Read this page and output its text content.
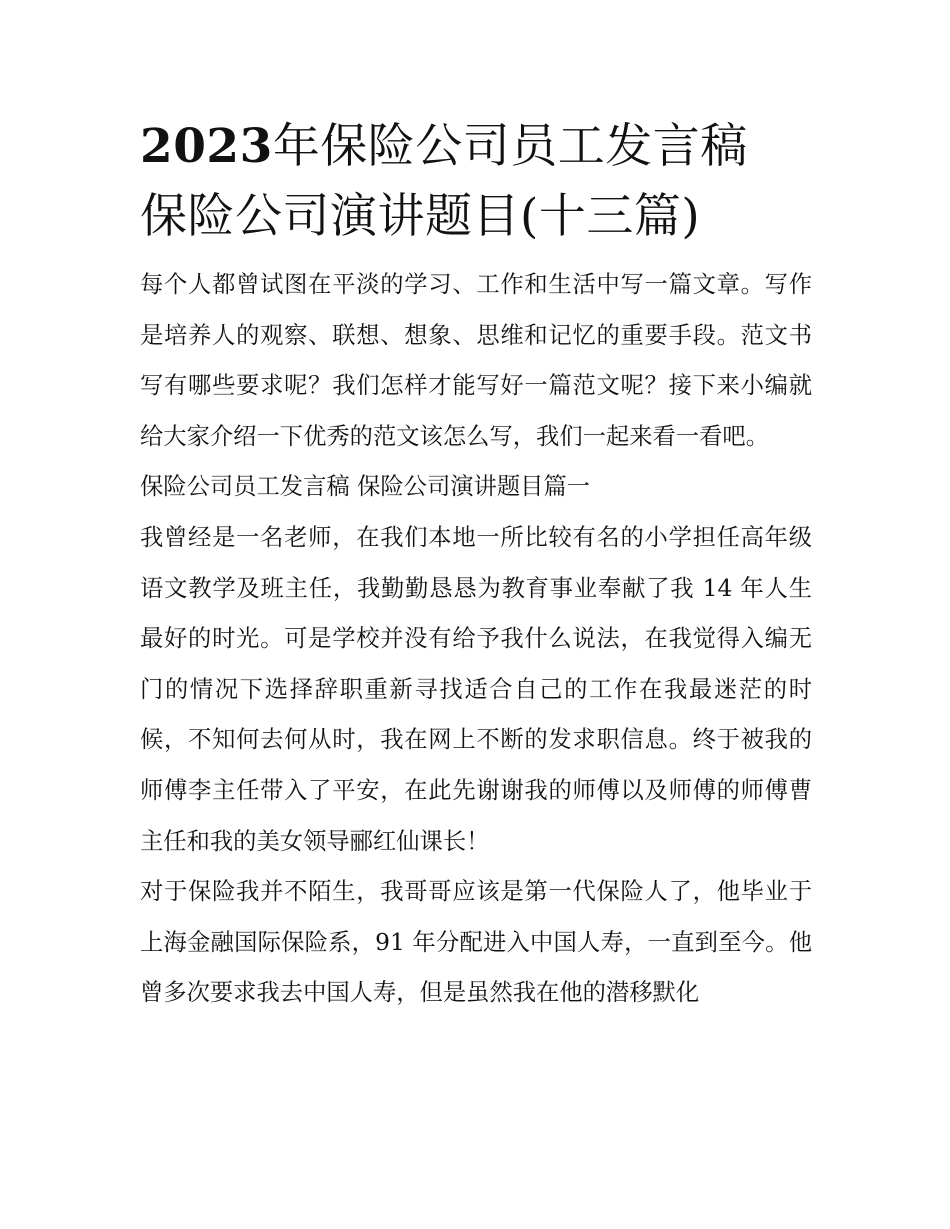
2023年保险公司员工发言稿
保险公司演讲题目(十三篇)

每个人都曾试图在平淡的学习、工作和生活中写一篇文章。写作是培养人的观察、联想、想象、思维和记忆的重要手段。范文书写有哪些要求呢？我们怎样才能写好一篇范文呢？接下来小编就给大家介绍一下优秀的范文该怎么写，我们一起来看一看吧。

保险公司员工发言稿 保险公司演讲题目篇一

我曾经是一名老师，在我们本地一所比较有名的小学担任高年级语文教学及班主任，我勤勤恳恳为教育事业奉献了我 14 年人生最好的时光。可是学校并没有给予我什么说法，在我觉得入编无门的情况下选择辞职重新寻找适合自己的工作在我最迷茫的时候，不知何去何从时，我在网上不断的发求职信息。终于被我的师傅李主任带入了平安，在此先谢谢我的师傅以及师傅的师傅曹主任和我的美女领导郦红仙课长！

对于保险我并不陌生，我哥哥应该是第一代保险人了，他毕业于上海金融国际保险系，91 年分配进入中国人寿，一直到至今。他曾多次要求我去中国人寿，但是虽然我在他的潜移默化
